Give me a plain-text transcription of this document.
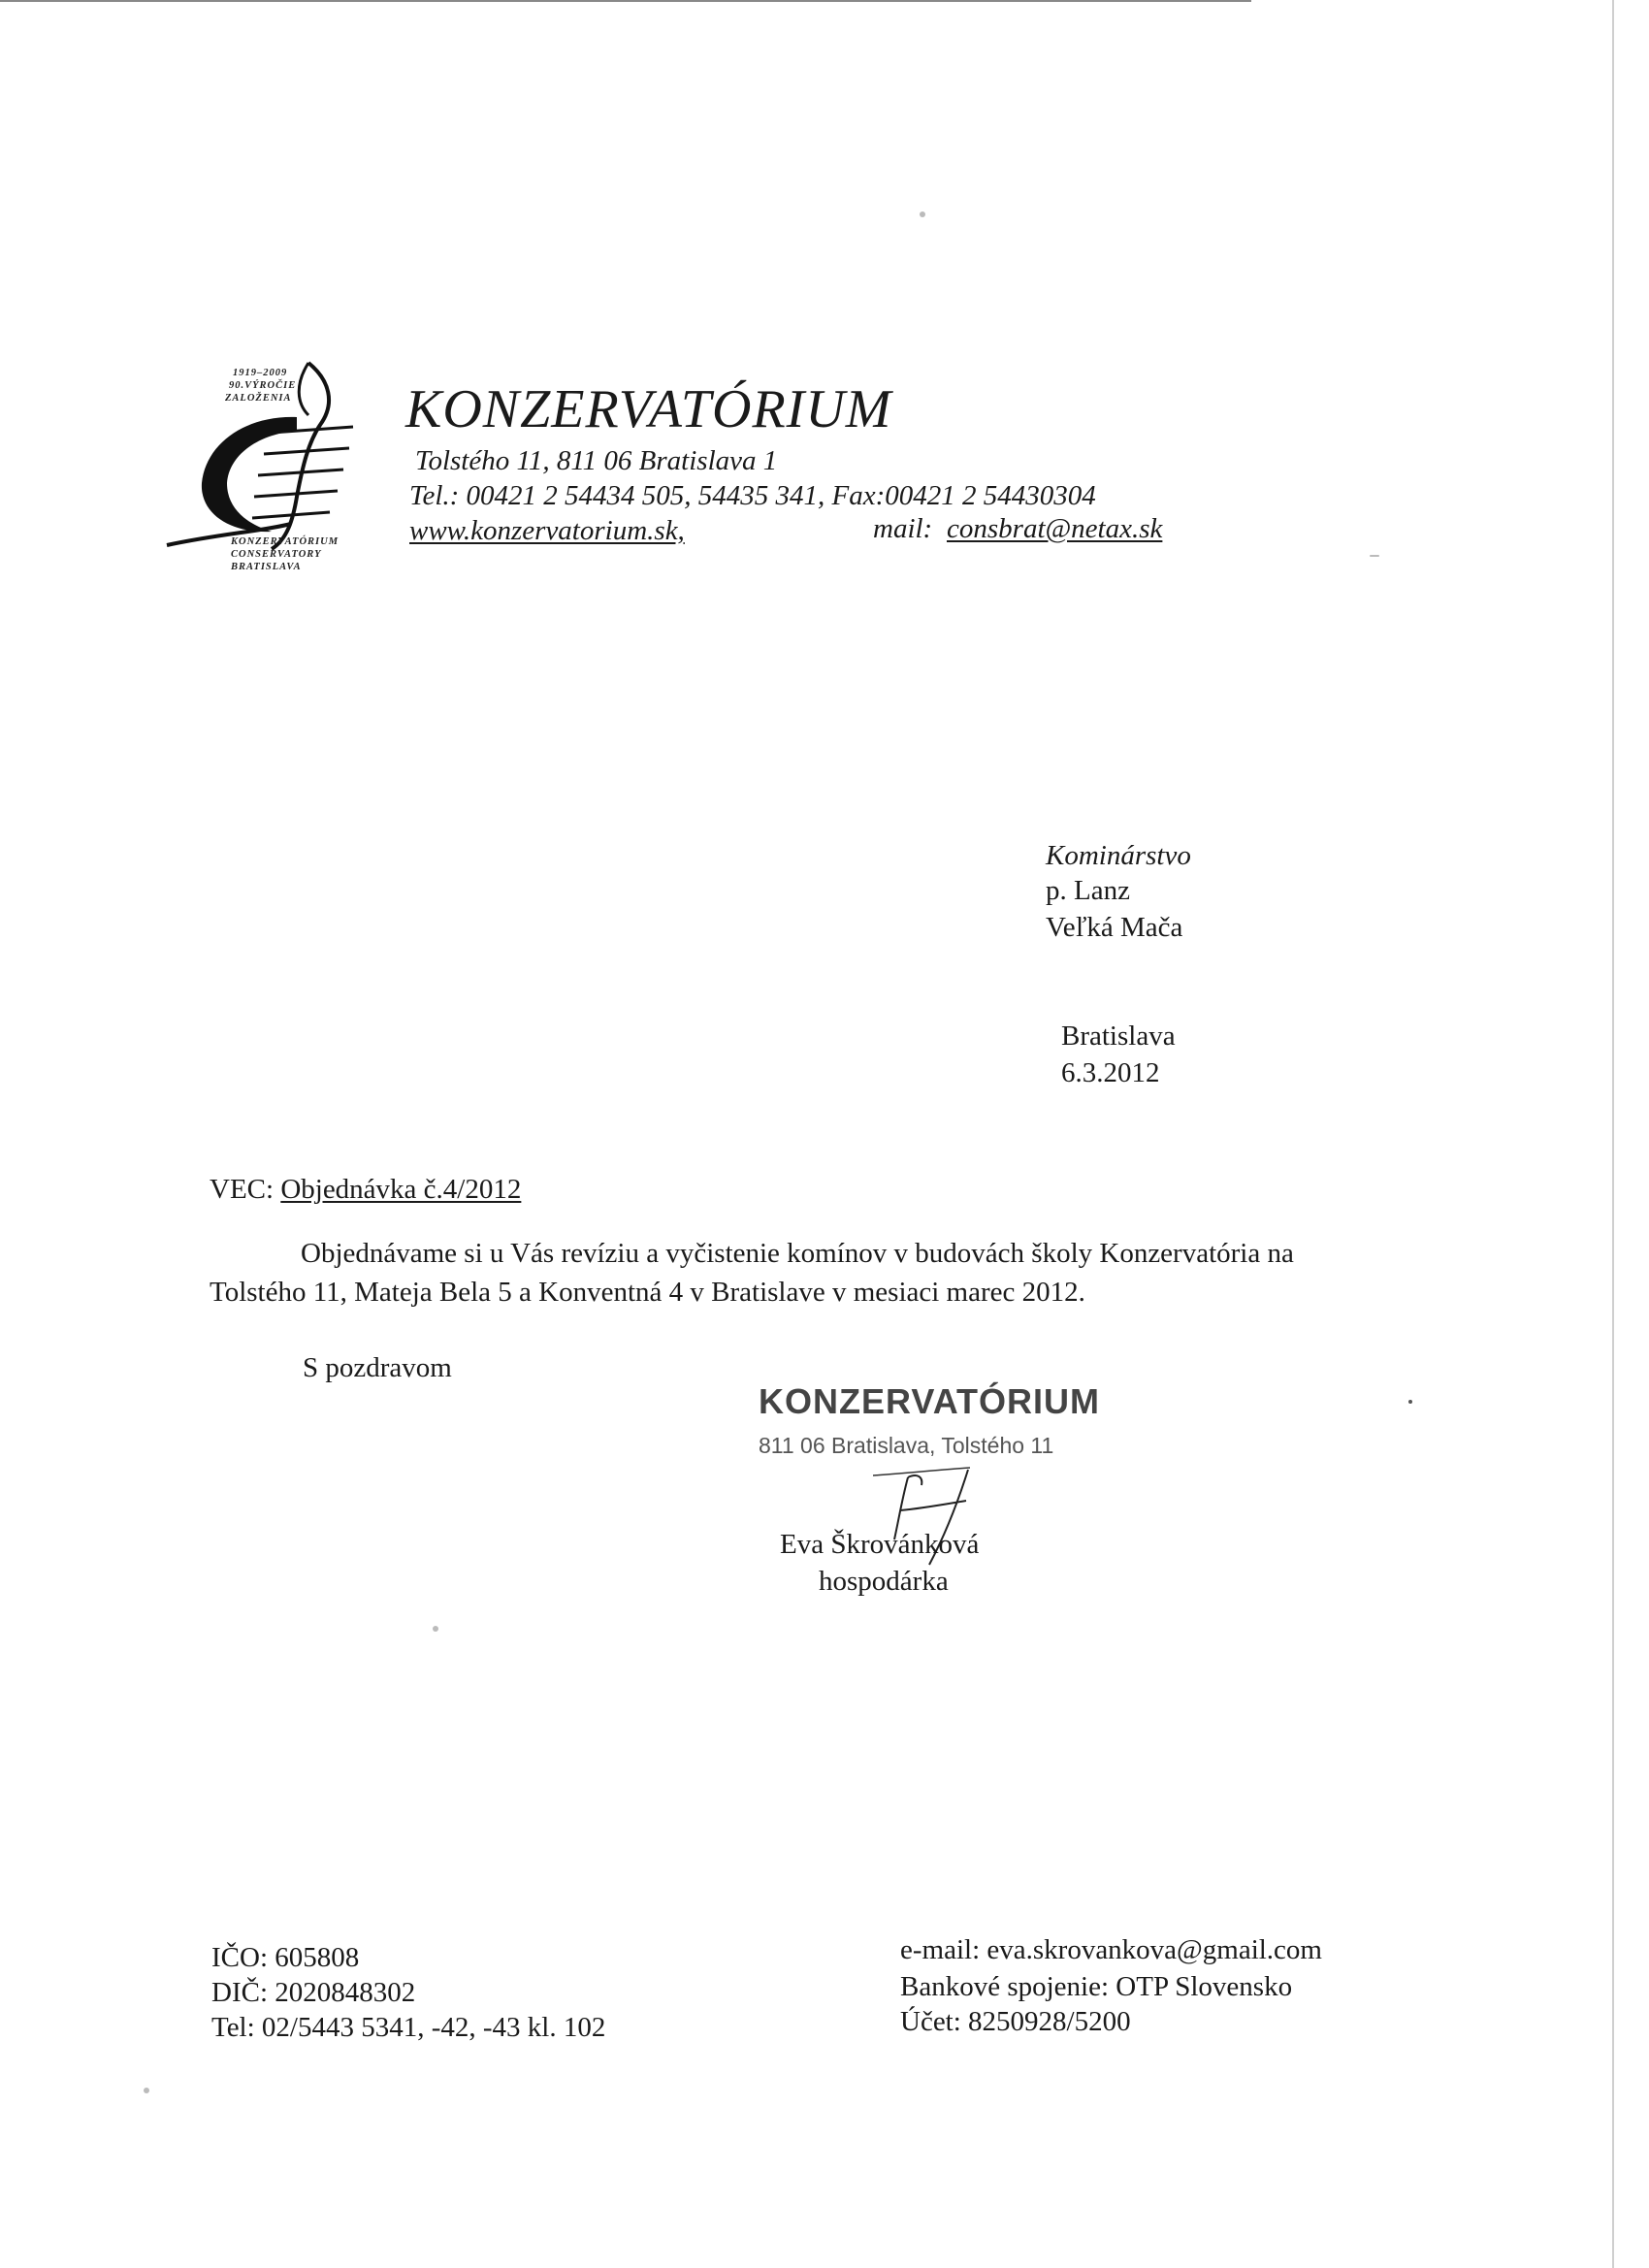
1919–2009
90.VÝROČIE
ZALOŽENIA
KONZERVATÓRIUM
CONSERVATORY
BRATISLAVA
KONZERVATÓRIUM
Tolstého 11, 811 06 Bratislava 1
Tel.: 00421 2 54434 505, 54435 341, Fax:00421 2 54430304
www.konzervatorium.sk,	mail: consbrat@netax.sk
Kominárstvo
p. Lanz
Veľká Mača
Bratislava
6.3.2012
VEC: Objednávka č.4/2012
Objednávame si u Vás revíziu a vyčistenie komínov v budovách školy Konzervatória na
Tolstého 11, Mateja Bela 5 a Konventná 4 v Bratislave v mesiaci marec 2012.
S pozdravom
KONZERVATÓRIUM
811 06 Bratislava, Tolstého 11
Eva Škrovánková
hospodárka
IČO: 605808
DIČ: 2020848302
Tel: 02/5443 5341, -42, -43 kl. 102
e-mail: eva.skrovankova@gmail.com
Bankové spojenie: OTP Slovensko
Účet: 8250928/5200
